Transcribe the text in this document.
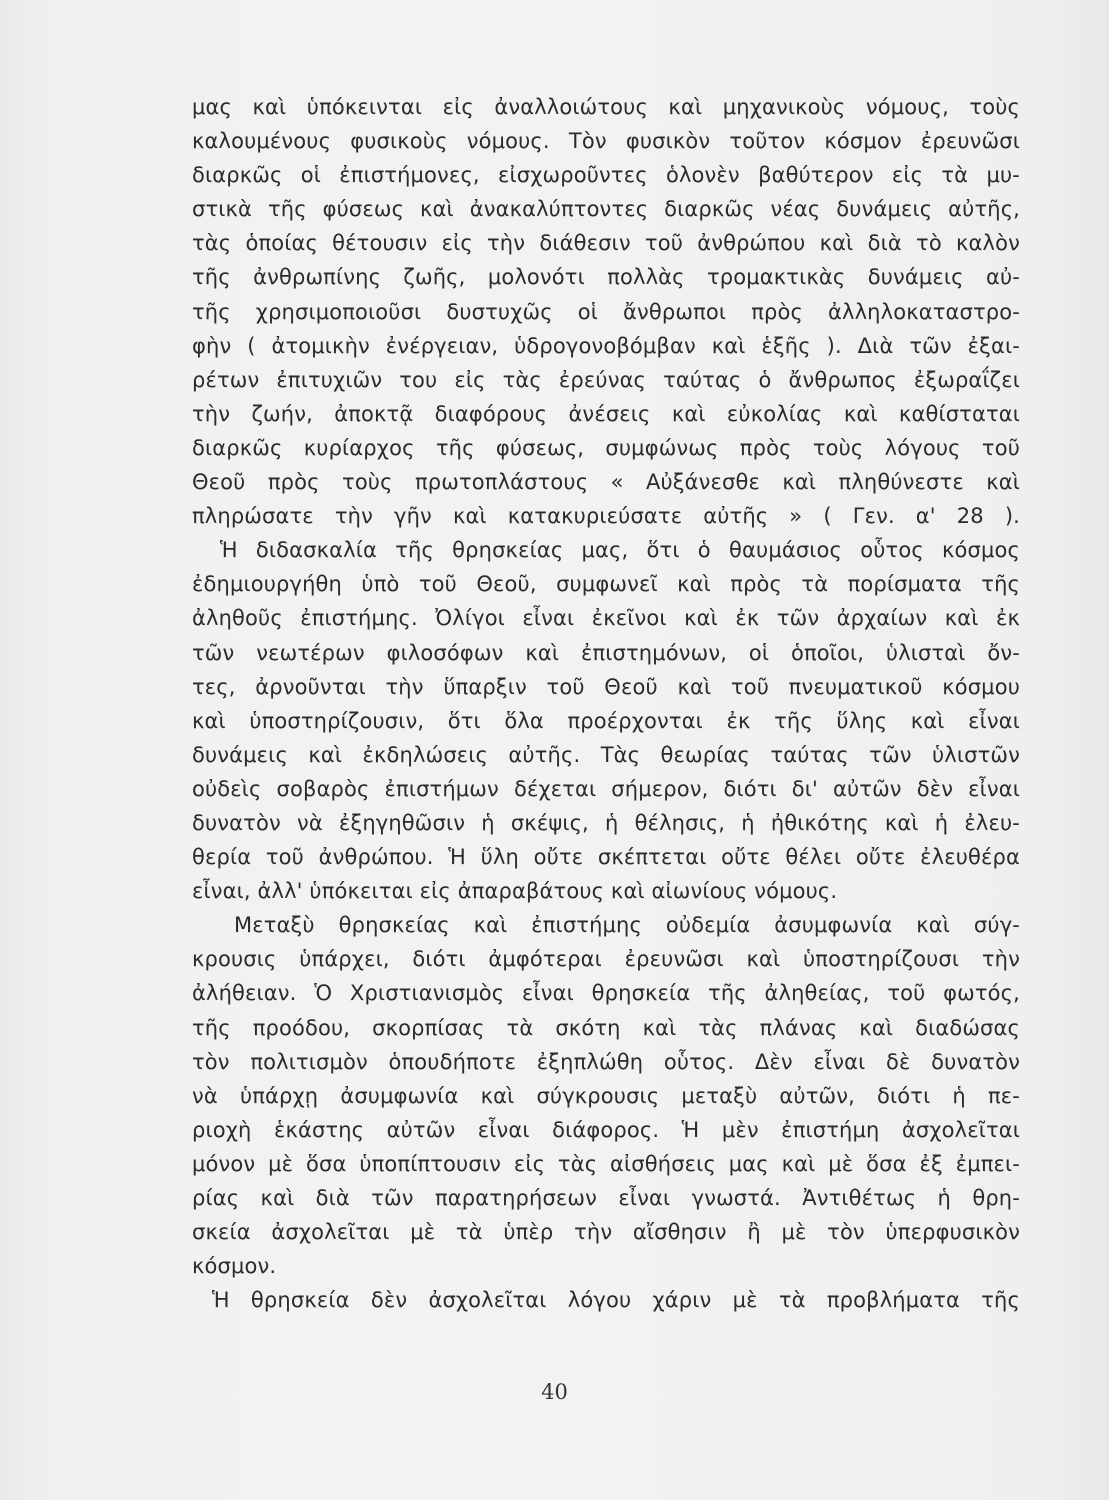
μας καὶ ὑπόκεινται εἰς ἀναλλοιώτους καὶ μηχανικοὺς νόμους, τοὺς
καλουμένους φυσικοὺς νόμους. Τὸν φυσικὸν τοῦτον κόσμον ἐρευνῶσι
διαρκῶς οἱ ἐπιστήμονες, εἰσχωροῦντες ὁλονὲν βαθύτερον εἰς τὰ μυ-
στικὰ τῆς φύσεως καὶ ἀνακαλύπτοντες διαρκῶς νέας δυνάμεις αὐτῆς,
τὰς ὁποίας θέτουσιν εἰς τὴν διάθεσιν τοῦ ἀνθρώπου καὶ διὰ τὸ καλὸν
τῆς ἀνθρωπίνης ζωῆς, μολονότι πολλὰς τρομακτικὰς δυνάμεις αὐ-
τῆς χρησιμοποιοῦσι δυστυχῶς οἱ ἄνθρωποι πρὸς ἀλληλοκαταστρο-
φὴν ( ἀτομικὴν ἐνέργειαν, ὑδρογονοβόμβαν καὶ ἑξῆς ). Διὰ τῶν ἐξαι-
ρέτων ἐπιτυχιῶν του εἰς τὰς ἐρεύνας ταύτας ὁ ἄνθρωπος ἐξωραΐζει
τὴν ζωήν, ἀποκτᾷ διαφόρους ἀνέσεις καὶ εὐκολίας καὶ καθίσταται
διαρκῶς κυρίαρχος τῆς φύσεως, συμφώνως πρὸς τοὺς λόγους τοῦ
Θεοῦ πρὸς τοὺς πρωτοπλάστους « Αὐξάνεσθε καὶ πληθύνεστε καὶ
πληρώσατε τὴν γῆν καὶ κατακυριεύσατε αὐτῆς » ( Γεν. α' 28 ).
Ἡ διδασκαλία τῆς θρησκείας μας, ὅτι ὁ θαυμάσιος οὗτος κόσμος
ἐδημιουργήθη ὑπὸ τοῦ Θεοῦ, συμφωνεῖ καὶ πρὸς τὰ πορίσματα τῆς
ἀληθοῦς ἐπιστήμης. Ὀλίγοι εἶναι ἐκεῖνοι καὶ ἐκ τῶν ἀρχαίων καὶ ἐκ
τῶν νεωτέρων φιλοσόφων καὶ ἐπιστημόνων, οἱ ὁποῖοι, ὑλισταὶ ὄν-
τες, ἀρνοῦνται τὴν ὕπαρξιν τοῦ Θεοῦ καὶ τοῦ πνευματικοῦ κόσμου
καὶ ὑποστηρίζουσιν, ὅτι ὅλα προέρχονται ἐκ τῆς ὕλης καὶ εἶναι
δυνάμεις καὶ ἐκδηλώσεις αὐτῆς. Τὰς θεωρίας ταύτας τῶν ὑλιστῶν
οὐδεὶς σοβαρὸς ἐπιστήμων δέχεται σήμερον, διότι δι' αὐτῶν δὲν εἶναι
δυνατὸν νὰ ἐξηγηθῶσιν ἡ σκέψις, ἡ θέλησις, ἡ ἠθικότης καὶ ἡ ἐλευ-
θερία τοῦ ἀνθρώπου. Ἡ ὕλη οὔτε σκέπτεται οὔτε θέλει οὔτε ἐλευθέρα
εἶναι, ἀλλ' ὑπόκειται εἰς ἀπαραβάτους καὶ αἰωνίους νόμους.
Μεταξὺ θρησκείας καὶ ἐπιστήμης οὐδεμία ἀσυμφωνία καὶ σύγ-
κρουσις ὑπάρχει, διότι ἀμφότεραι ἐρευνῶσι καὶ ὑποστηρίζουσι τὴν
ἀλήθειαν. Ὁ Χριστιανισμὸς εἶναι θρησκεία τῆς ἀληθείας, τοῦ φωτός,
τῆς προόδου, σκορπίσας τὰ σκότη καὶ τὰς πλάνας καὶ διαδώσας
τὸν πολιτισμὸν ὁπουδήποτε ἐξηπλώθη οὗτος. Δὲν εἶναι δὲ δυνατὸν
νὰ ὑπάρχῃ ἀσυμφωνία καὶ σύγκρουσις μεταξὺ αὐτῶν, διότι ἡ πε-
ριοχὴ ἑκάστης αὐτῶν εἶναι διάφορος. Ἡ μὲν ἐπιστήμη ἀσχολεῖται
μόνον μὲ ὅσα ὑποπίπτουσιν εἰς τὰς αἰσθήσεις μας καὶ μὲ ὅσα ἐξ ἐμπει-
ρίας καὶ διὰ τῶν παρατηρήσεων εἶναι γνωστά. Ἀντιθέτως ἡ θρη-
σκεία ἀσχολεῖται μὲ τὰ ὑπὲρ τὴν αἴσθησιν ἢ μὲ τὸν ὑπερφυσικὸν
κόσμον.
Ἡ θρησκεία δὲν ἀσχολεῖται λόγου χάριν μὲ τὰ προβλήματα τῆς
40
